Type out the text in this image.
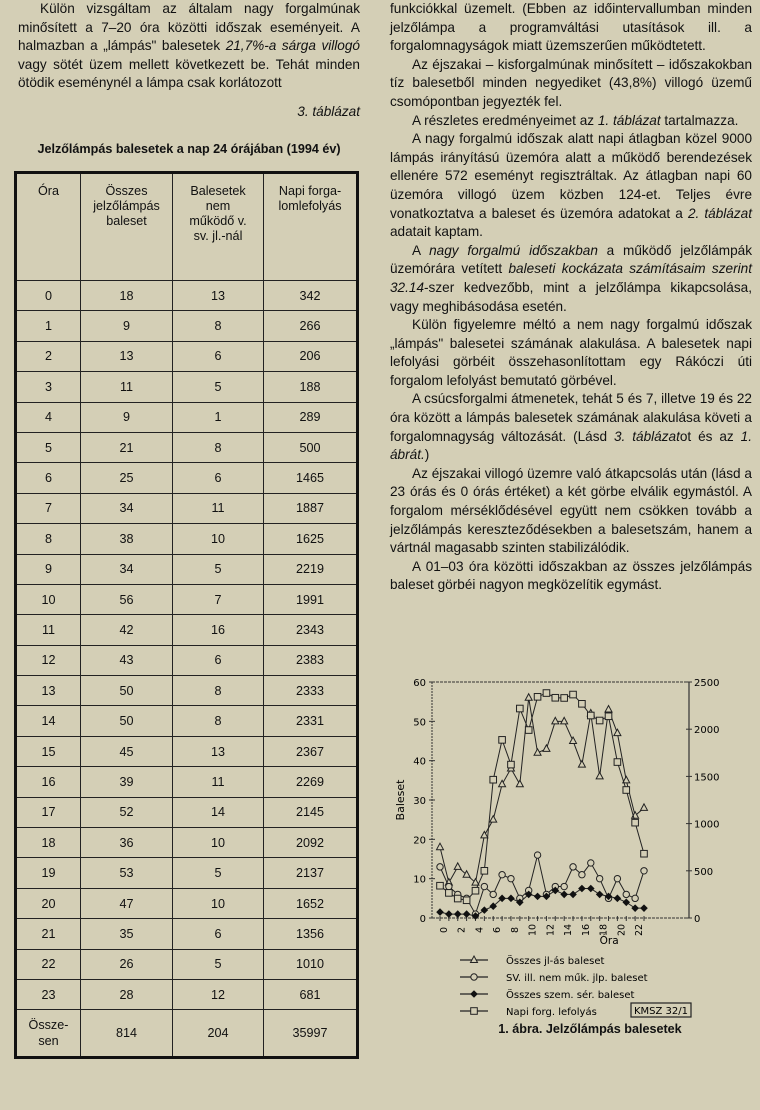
Külön vizsgáltam az általam nagy forgalmúnak minősített a 7–20 óra közötti időszak eseményeit. A halmazban a „lámpás" balesetek 21,7%-a sárga villogó vagy sötét üzem mellett következett be. Tehát minden ötödik eseménynél a lámpa csak korlátozott

3. táblázat
Jelzőlámpás balesetek a nap 24 órájában (1994 év)
Óra	Összes
jelzőlámpás
baleset	Balesetek
nem
működő v.
sv. jl.-nál	Napi forga-
lomlefolyás
0	18	13	342
1	9	8	266
2	13	6	206
3	11	5	188
4	9	1	289
5	21	8	500
6	25	6	1465
7	34	11	1887
8	38	10	1625
9	34	5	2219
10	56	7	1991
11	42	16	2343
12	43	6	2383
13	50	8	2333
14	50	8	2331
15	45	13	2367
16	39	11	2269
17	52	14	2145
18	36	10	2092
19	53	5	2137
20	47	10	1652
21	35	6	1356
22	26	5	1010
23	28	12	681
Össze-
sen	814	204	35997

funkciókkal üzemelt. (Ebben az időintervallumban minden jelzőlámpa a programváltási utasítások ill. a forgalomnagyságok miatt üzemszerűen működtetett.

Az éjszakai – kisforgalmúnak minősített – időszakokban tíz balesetből minden negyediket (43,8%) villogó üzemű csomópontban jegyezték fel.

A részletes eredményeimet az 1. táblázat tartalmazza.

A nagy forgalmú időszak alatt napi átlagban közel 9000 lámpás irányítású üzemóra alatt a működő berendezések ellenére 572 eseményt regisztráltak. Az átlagban napi 60 üzemóra villogó üzem közben 124-et. Teljes évre vonatkoztatva a baleset és üzemóra adatokat a 2. táblázat adatait kaptam.

A nagy forgalmú időszakban a működő jelzőlámpák üzemórára vetített baleseti kockázata számításaim szerint 32.14-szer kedvezőbb, mint a jelzőlámpa kikapcsolása, vagy meghibásodása esetén.

Külön figyelemre méltó a nem nagy forgalmú időszak „lámpás" balesetei számának alakulása. A balesetek napi lefolyási görbéit összehasonlítottam egy Rákóczi úti forgalom lefolyást bemutató görbével.

A csúcsforgalmi átmenetek, tehát 5 és 7, illetve 19 és 22 óra között a lámpás balesetek számának alakulása követi a forgalomnagyság változását. (Lásd 3. táblázatot és az 1. ábrát.)

Az éjszakai villogó üzemre való átkapcsolás után (lásd a 23 órás és 0 órás értéket) a két görbe elválik egymástól. A forgalom mérséklődésével együtt nem csökken tovább a jelzőlámpás kereszteződésekben a balesetszám, hanem a vártnál magasabb szinten stabilizálódik.

A 01–03 óra közötti időszakban az összes jelzőlámpás baleset görbéi nagyon megközelítik egymást.

0
10
20
30
40
50
60
0
500
1000
1500
2000
2500
0 2 4 6 8 10 12 14 16 18 20 22
Óra
Baleset
Összes jl-ás baleset
SV. ill. nem műk. jlp. baleset
Összes szem. sér. baleset
Napi forg. lefolyás	KMSZ 32/1
1. ábra. Jelzőlámpás balesetek
